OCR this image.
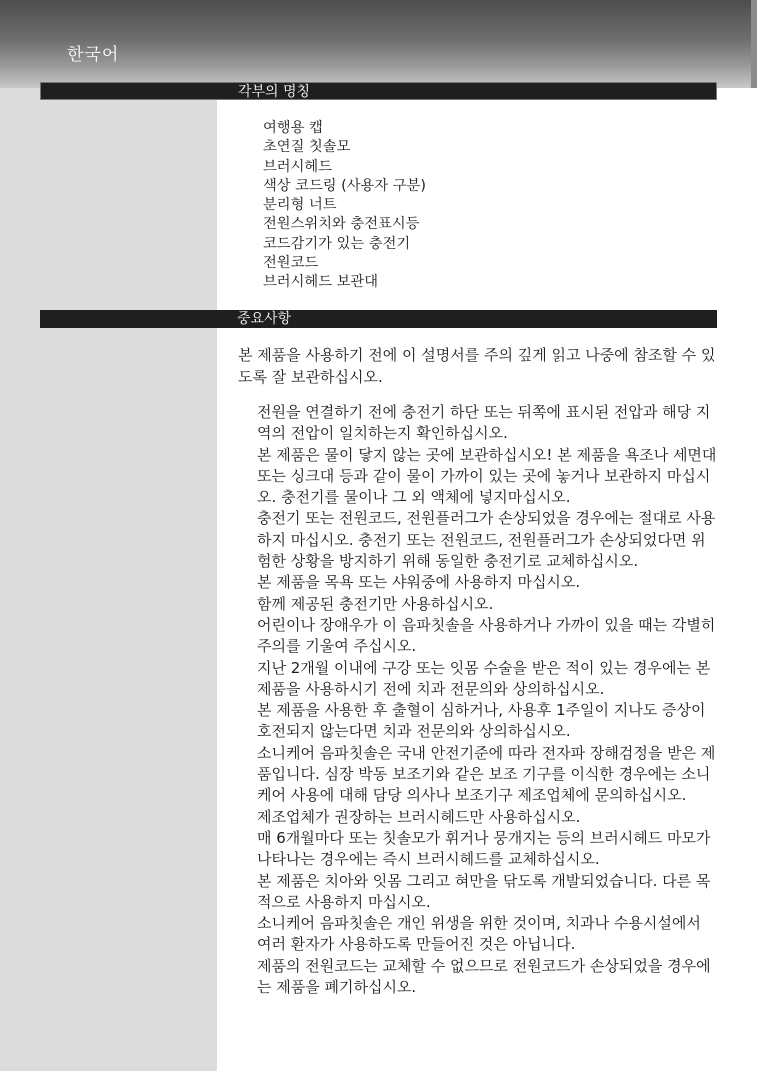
한국어
각부의 명칭
여행용 캡
초연질 칫솔모
브러시헤드
색상 코드링 (사용자 구분)
분리형 너트
전원스위치와 충전표시등
코드감기가 있는 충전기
전원코드
브러시헤드 보관대
중요사항

본 제품을 사용하기 전에 이 설명서를 주의 깊게 읽고 나중에 참조할 수 있도록 잘 보관하십시오.

전원을 연결하기 전에 충전기 하단 또는 뒤쪽에 표시된 전압과 해당 지역의 전압이 일치하는지 확인하십시오.
본 제품은 물이 닿지 않는 곳에 보관하십시오! 본 제품을 욕조나 세면대 또는 싱크대 등과 같이 물이 가까이 있는 곳에 놓거나 보관하지 마십시오. 충전기를 물이나 그 외 액체에 넣지마십시오.
충전기 또는 전원코드, 전원플러그가 손상되었을 경우에는 절대로 사용하지 마십시오. 충전기 또는 전원코드, 전원플러그가 손상되었다면 위험한 상황을 방지하기 위해 동일한 충전기로 교체하십시오.
본 제품을 목욕 또는 샤워중에 사용하지 마십시오.
함께 제공된 충전기만 사용하십시오.
어린이나 장애우가 이 음파칫솔을 사용하거나 가까이 있을 때는 각별히 주의를 기울여 주십시오.
지난 2개월 이내에 구강 또는 잇몸 수술을 받은 적이 있는 경우에는 본 제품을 사용하시기 전에 치과 전문의와 상의하십시오.
본 제품을 사용한 후 출혈이 심하거나, 사용후 1주일이 지나도 증상이 호전되지 않는다면 치과 전문의와 상의하십시오.
소니케어 음파칫솔은 국내 안전기준에 따라 전자파 장해검정을 받은 제품입니다. 심장 박동 보조기와 같은 보조 기구를 이식한 경우에는 소니케어 사용에 대해 담당 의사나 보조기구 제조업체에 문의하십시오.
제조업체가 권장하는 브러시헤드만 사용하십시오.
매 6개월마다 또는 칫솔모가 휘거나 뭉개지는 등의 브러시헤드 마모가 나타나는 경우에는 즉시 브러시헤드를 교체하십시오.
본 제품은 치아와 잇몸 그리고 혀만을 닦도록 개발되었습니다. 다른 목적으로 사용하지 마십시오.
소니케어 음파칫솔은 개인 위생을 위한 것이며, 치과나 수용시설에서 여러 환자가 사용하도록 만들어진 것은 아닙니다.
제품의 전원코드는 교체할 수 없으므로 전원코드가 손상되었을 경우에는 제품을 폐기하십시오.
